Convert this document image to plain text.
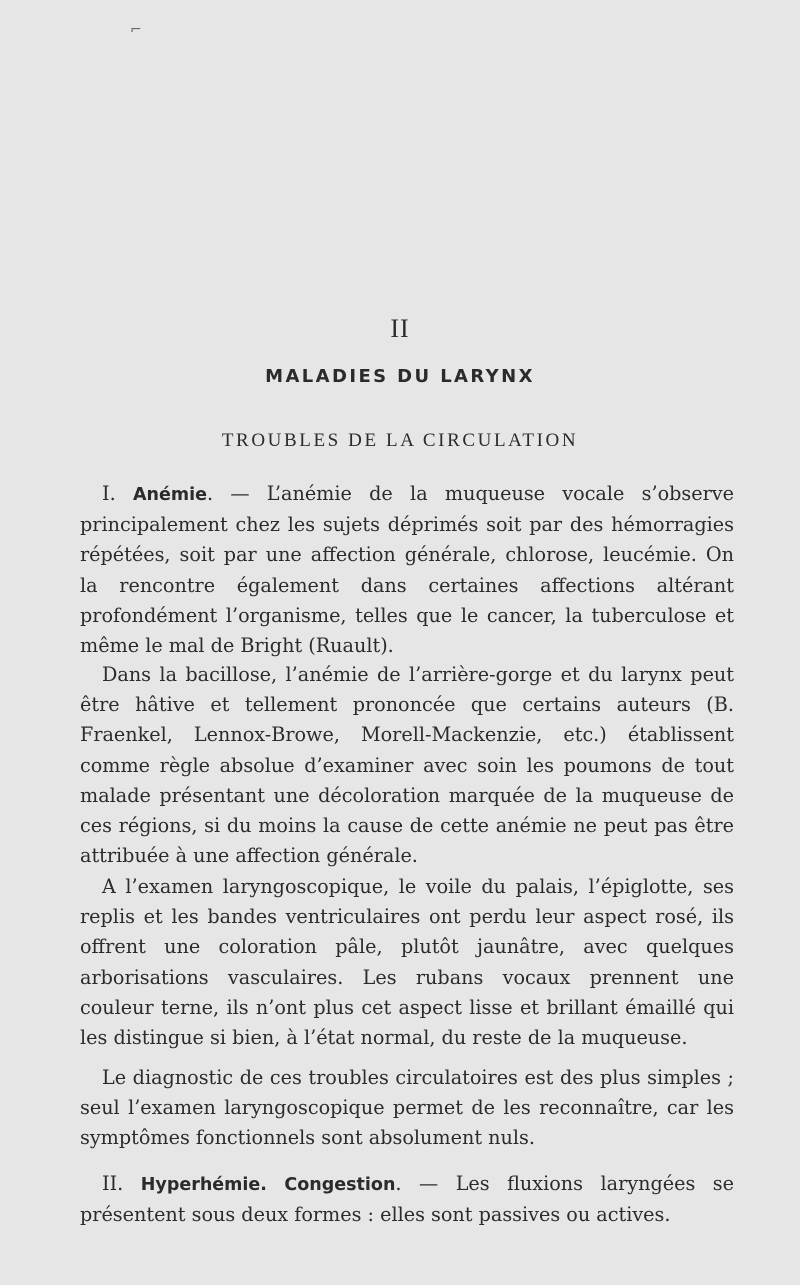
⌐
II
MALADIES DU LARYNX
TROUBLES DE LA CIRCULATION

I. Anémie. — L’anémie de la muqueuse vocale s’observe principalement chez les sujets déprimés soit par des hémorragies répétées, soit par une affection générale, chlorose, leucémie. On la rencontre également dans certaines affections altérant profondément l’organisme, telles que le cancer, la tuberculose et même le mal de Bright (Ruault).

Dans la bacillose, l’anémie de l’arrière-gorge et du larynx peut être hâtive et tellement prononcée que certains auteurs (B. Fraenkel, Lennox-Browe, Morell-Mackenzie, etc.) établissent comme règle absolue d’examiner avec soin les poumons de tout malade présentant une décoloration marquée de la muqueuse de ces régions, si du moins la cause de cette anémie ne peut pas être attribuée à une affection générale.

A l’examen laryngoscopique, le voile du palais, l’épiglotte, ses replis et les bandes ventriculaires ont perdu leur aspect rosé, ils offrent une coloration pâle, plutôt jaunâtre, avec quelques arborisations vasculaires. Les rubans vocaux prennent une couleur terne, ils n’ont plus cet aspect lisse et brillant émaillé qui les distingue si bien, à l’état normal, du reste de la muqueuse.

Le diagnostic de ces troubles circulatoires est des plus simples ; seul l’examen laryngoscopique permet de les reconnaître, car les symptômes fonctionnels sont absolument nuls.

II. Hyperhémie. Congestion. — Les fluxions laryngées se présentent sous deux formes : elles sont passives ou actives.
